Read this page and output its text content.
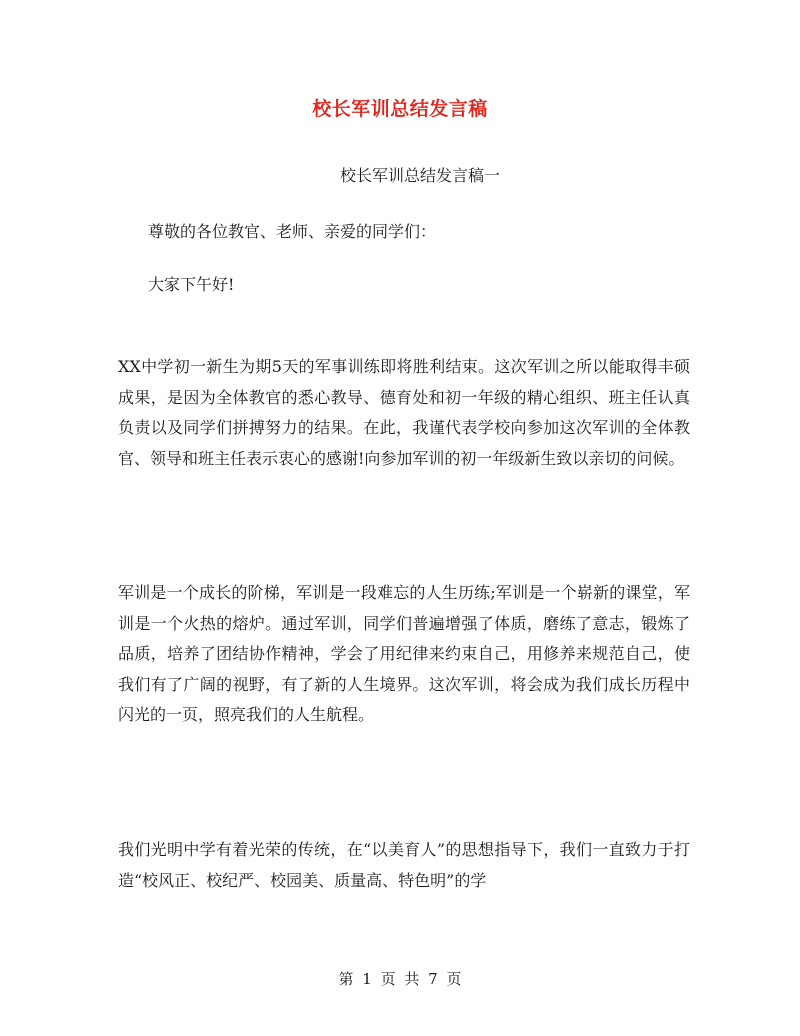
校长军训总结发言稿

校长军训总结发言稿一

尊敬的各位教官、老师、亲爱的同学们：

大家下午好!

XX中学初一新生为期5天的军事训练即将胜利结束。这次军训之所以能取得丰硕成果，是因为全体教官的悉心教导、德育处和初一年级的精心组织、班主任认真负责以及同学们拼搏努力的结果。在此，我谨代表学校向参加这次军训的全体教官、领导和班主任表示衷心的感谢!向参加军训的初一年级新生致以亲切的问候。

军训是一个成长的阶梯，军训是一段难忘的人生历练;军训是一个崭新的课堂，军训是一个火热的熔炉。通过军训，同学们普遍增强了体质，磨练了意志，锻炼了品质，培养了团结协作精神，学会了用纪律来约束自己，用修养来规范自己，使我们有了广阔的视野，有了新的人生境界。这次军训，将会成为我们成长历程中闪光的一页，照亮我们的人生航程。

我们光明中学有着光荣的传统，在“以美育人”的思想指导下，我们一直致力于打造“校风正、校纪严、校园美、质量高、特色明”的学

第 1 页 共 7 页
